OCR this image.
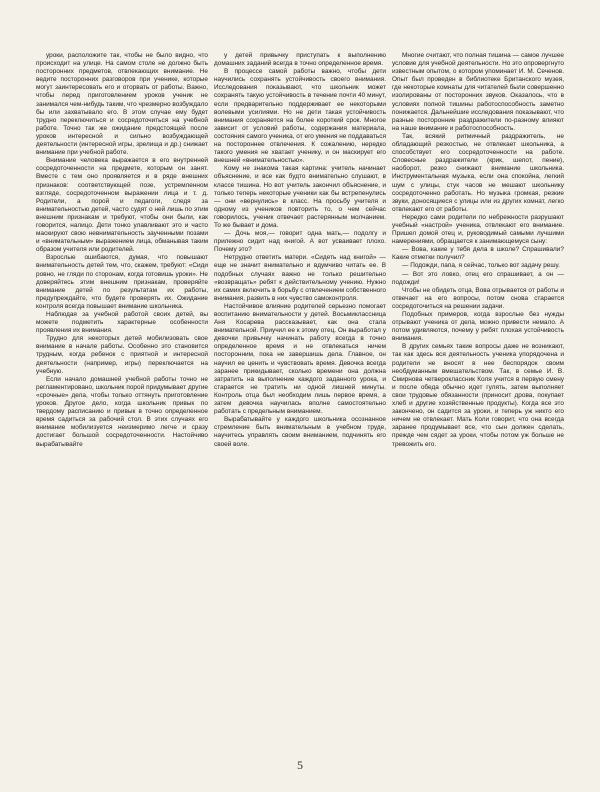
уроки, расположите так, чтобы не было видно, что происходит на улице. На самом столе не должно быть посторонних предметов, отвлекающих внимание. Не ведите посторонних разговоров при ученике, которые могут заинтересовать его и оторвать от работы. Важно, чтобы перед приготовлением уроков ученик не занимался чем-нибудь таким, что чрезмерно возбуждало бы или захватывало его. В этом случае ему будет трудно переключиться и сосредоточиться на учебной работе. Точно так же ожидание предстоящей после уроков интересной и сильно возбуждающей деятельности (интересной игры, зрелища и др.) снижает внимание при учебной работе.

Внимание человека выражается в его внутренней сосредоточенности на предмете, которым он занят. Вместе с тем оно проявляется и в ряде внешних признаков: соответствующей позе, устремленном взгляде, сосредоточенном выражении лица и т. д. Родители, а порой и педагоги, следя за внимательностью детей, часто судят о ней лишь по этим внешним признакам и требуют, чтобы они были, как говорится, налицо. Дети тонко улавливают это и часто маскируют свою невнимательность заученными позами и «внимательным» выражением лица, обманывая таким образом учителя или родителей.

Взрослые ошибаются, думая, что повышают внимательность детей тем, что, скажем, требуют: «Сиди ровно, не гляди по сторонам, когда готовишь уроки». Не доверяйтесь этим внешним признакам, проверяйте внимание детей по результатам их работы, предупреждайте, что будете проверять их. Ожидание контроля всегда повышает внимание школьника.

Наблюдая за учебной работой своих детей, вы можете подметить характерные особенности проявления их внимания.

Трудно для некоторых детей мобилизовать свое внимание в начале работы. Особенно это становится трудным, когда ребенок с приятной и интересной деятельности (например, игры) переключается на учебную.

Если начало домашней учебной работы точно не регламентировано, школьник порой придумывает другие «срочные» дела, чтобы только оттянуть приготовление уроков. Другое дело, когда школьник привык по твердому расписанию и привык в точно определенное время садиться за рабочий стол. В этих случаях его внимание мобилизуется неизмеримо легче и сразу достигает большой сосредоточенности. Настойчиво вырабатывайте

у детей привычку приступать к выполнению домашних заданий всегда в точно определенное время.

В процессе самой работы важно, чтобы дети научились сохранять устойчивость своего внимания. Исследования показывают, что школьник может сохранять такую устойчивость в течение почти 40 минут, если предварительно поддерживает ее некоторыми волевыми усилиями. Но не дети такая устойчивость внимания сохраняется на более короткий срок. Многое зависит от условий работы, содержания материала, состояния самого ученика, от его умения не поддаваться на постороннее отвлечения. К сожалению, нередко такого умения не хватает ученику, и он маскирует его внешней «внимательностью».

Кому не знакома такая картина: учитель начинает объяснение, и все как будто внимательно слушают, в классе тишина. Но вот учитель закончил объяснение, и только теперь некоторые ученики как бы встрепенулись — они «вернулись» в класс. На просьбу учителя и одному из учеников повторить то, о чем сейчас говорилось, ученик отвечает растерянным молчанием. То же бывает и дома.

— Дочь моя,— говорит одна мать,— подолгу и прилежно сидит над книгой. А вот усваивает плохо. Почему это?

Нетрудно ответить матери. «Сидеть над книгой» — еще не значит внимательно и вдумчиво читать ее. В подобных случаях важно не только решительно «возвращать» ребят к действительному учению. Нужно их самих включить в борьбу с отвлечением собственного внимания, развить в них чувство самоконтроля.

Настойчивое влияние родителей серьезно помогает воспитанию внимательности у детей. Восьмиклассница Аня Косарева рассказывает, как она стала внимательной. Приучил ее к этому отец. Он выработал у девочки привычку начинать работу всегда в точно определенное время и не отвлекаться ничем посторонним, пока не завершишь дела. Главное, он научил ее ценить и чувствовать время. Девочка всегда заранее прикидывает, сколько времени она должна затратить на выполнение каждого заданного урока, и старается не тратить ни одной лишней минуты. Контроль отца был необходим лишь первое время, а затем девочка научилась вполне самостоятельно работать с предельным вниманием.

Вырабатывайте у каждого школьника осознанное стремление быть внимательным в учебном труде, научитесь управлять своим вниманием, подчинять его своей воле.

Многие считают, что полная тишина — самое лучшее условие для учебной деятельности. Но это опровергнуто известным опытом, о котором упоминает И. М. Сеченов. Опыт был проведен в библиотеке Британского музея, где некоторые комнаты для читателей были совершенно изолированы от посторонних звуков. Оказалось, что в условиях полной тишины работоспособность заметно понижается. Дальнейшие исследования показывают, что разные посторонние раздражители по-разному влияют на наше внимание и работоспособность.

Так, всякий ритмичный раздражитель, не обладающий резкостью, не отвлекает школьника, а способствует его сосредоточенности на работе. Словесные раздражители (крик, шепот, пение), наоборот, резко снижают внимание школьника. Инструментальная музыка, если она спокойна, легкий шум с улицы, стук часов не мешают школьнику сосредоточенно работать. Но музыка громкая, резкие звуки, доносящиеся с улицы или из других комнат, легко отвлекают его от работы.

Нередко сами родители по небрежности разрушают учебный «настрой» ученика, отвлекают его внимание. Пришел домой отец и, руководимый самыми лучшими намерениями, обращается к занимающемуся сыну:

— Вова, какие у тебя дела в школе? Спрашивали? Какие отметки получил?

— Подожди, папа, я сейчас, только вот задачу решу.

— Вот это ловко, отец его спрашивает, а он — подожди!

Чтобы не обидеть отца, Вова отрывается от работы и отвечает на его вопросы, потом снова старается сосредоточиться на решении задачи.

Подобных примеров, когда взрослые без нужды отрывают ученика от дела, можно привести немало. А потом удивляются, почему у ребят плохая устойчивость внимания.

В других семьях такие вопросы даже не возникают, так как здесь вся деятельность ученика упорядочена и родители не вносят в нее беспорядок своим необдуманным вмешательством. Так, в семье И. В. Смирнова четвероклассник Коля учится в первую смену и после обеда обычно идет гулять, затем выполняет свои трудовые обязанности (приносит дрова, покупает хлеб и другие хозяйственные продукты). Когда все это закончено, он садится за уроки, и теперь уж никто его ничем не отвлекает. Мать Коли говорит, что она всегда заранее продумывает все, что сын должен сделать, прежде чем сядет за уроки, чтобы потом уж больше не тревожить его.

5
